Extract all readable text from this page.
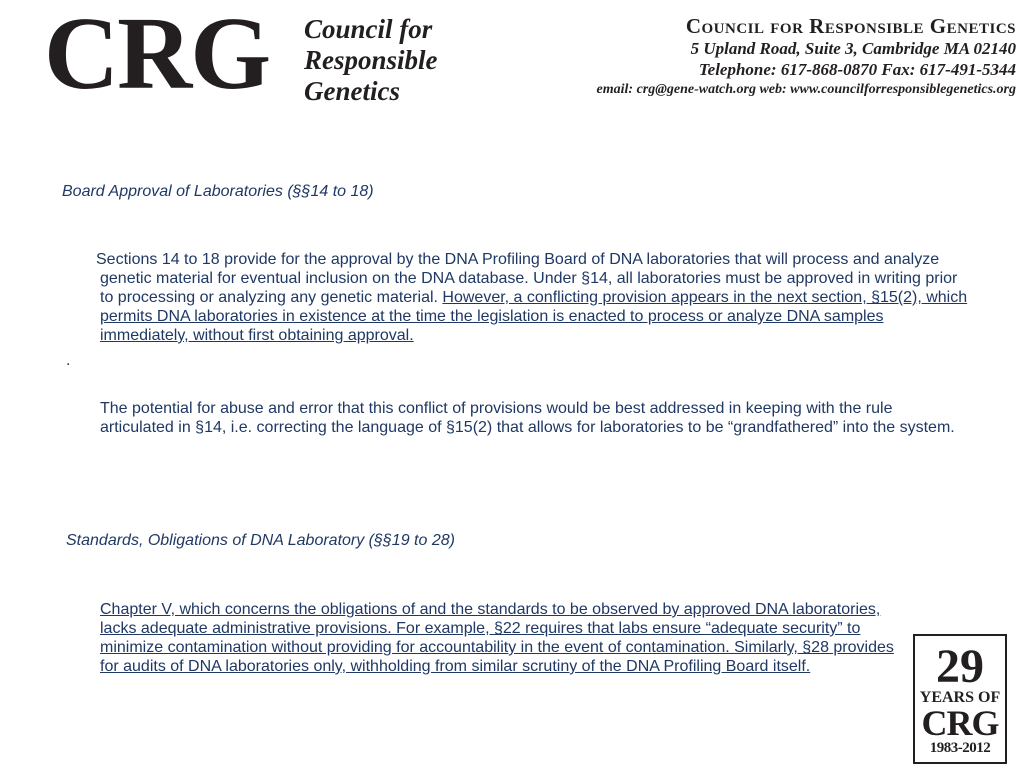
CRG Council for
Responsible
Genetics
Council for Responsible Genetics
5 Upland Road, Suite 3, Cambridge MA 02140
Telephone: 617-868-0870 Fax: 617-491-5344
email: crg@gene-watch.org web: www.councilforresponsiblegenetics.org
Board Approval of Laboratories (§§14 to 18)
Sections 14 to 18 provide for the approval by the DNA Profiling Board of DNA laboratories that will process and analyze genetic material for eventual inclusion on the DNA database. Under §14, all laboratories must be approved in writing prior to processing or analyzing any genetic material. However, a conflicting provision appears in the next section, §15(2), which permits DNA laboratories in existence at the time the legislation is enacted to process or analyze DNA samples immediately, without first obtaining approval.
.
The potential for abuse and error that this conflict of provisions would be best addressed in keeping with the rule articulated in §14, i.e. correcting the language of §15(2) that allows for laboratories to be “grandfathered” into the system.
Standards, Obligations of DNA Laboratory (§§19 to 28)
Chapter V, which concerns the obligations of and the standards to be observed by approved DNA laboratories, lacks adequate administrative provisions. For example, §22 requires that labs ensure “adequate security” to minimize contamination without providing for accountability in the event of contamination. Similarly, §28 provides for audits of DNA laboratories only, withholding from similar scrutiny of the DNA Profiling Board itself.	29
YEARS OF
CRG
1983-2012
